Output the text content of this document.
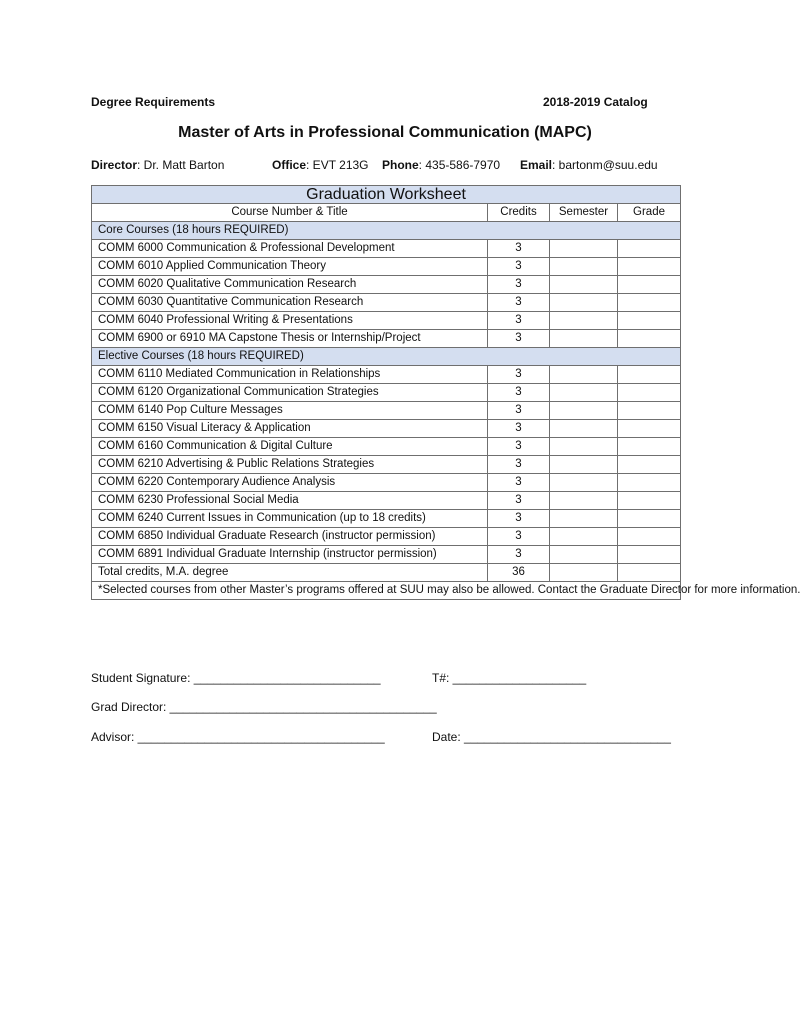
Degree Requirements	2018-2019 Catalog
Master of Arts in Professional Communication (MAPC)
Director: Dr. Matt Barton	Office: EVT 213G Phone: 435-586-7970 Email: bartonm@suu.edu
Graduation Worksheet			
Course Number & Title	Credits	Semester	Grade
Core Courses (18 hours REQUIRED)			
COMM 6000 Communication & Professional Development	3		
COMM 6010 Applied Communication Theory	3		
COMM 6020 Qualitative Communication Research	3		
COMM 6030 Quantitative Communication Research	3		
COMM 6040 Professional Writing & Presentations	3		
COMM 6900 or 6910 MA Capstone Thesis or Internship/Project	3		
Elective Courses (18 hours REQUIRED)			
COMM 6110 Mediated Communication in Relationships	3		
COMM 6120 Organizational Communication Strategies	3		
COMM 6140 Pop Culture Messages	3		
COMM 6150 Visual Literacy & Application	3		
COMM 6160 Communication & Digital Culture	3		
COMM 6210 Advertising & Public Relations Strategies	3		
COMM 6220 Contemporary Audience Analysis	3		
COMM 6230 Professional Social Media	3		
COMM 6240 Current Issues in Communication (up to 18 credits)	3		
COMM 6850 Individual Graduate Research (instructor permission)	3		
COMM 6891 Individual Graduate Internship (instructor permission)	3		
Total credits, M.A. degree	36		
*Selected courses from other Master’s programs offered at SUU may also be allowed. Contact the Graduate Director for more information.			
Student Signature: ____________________________	T#: ____________________
Grad Director: ________________________________________
Advisor: _____________________________________	Date: _______________________________
